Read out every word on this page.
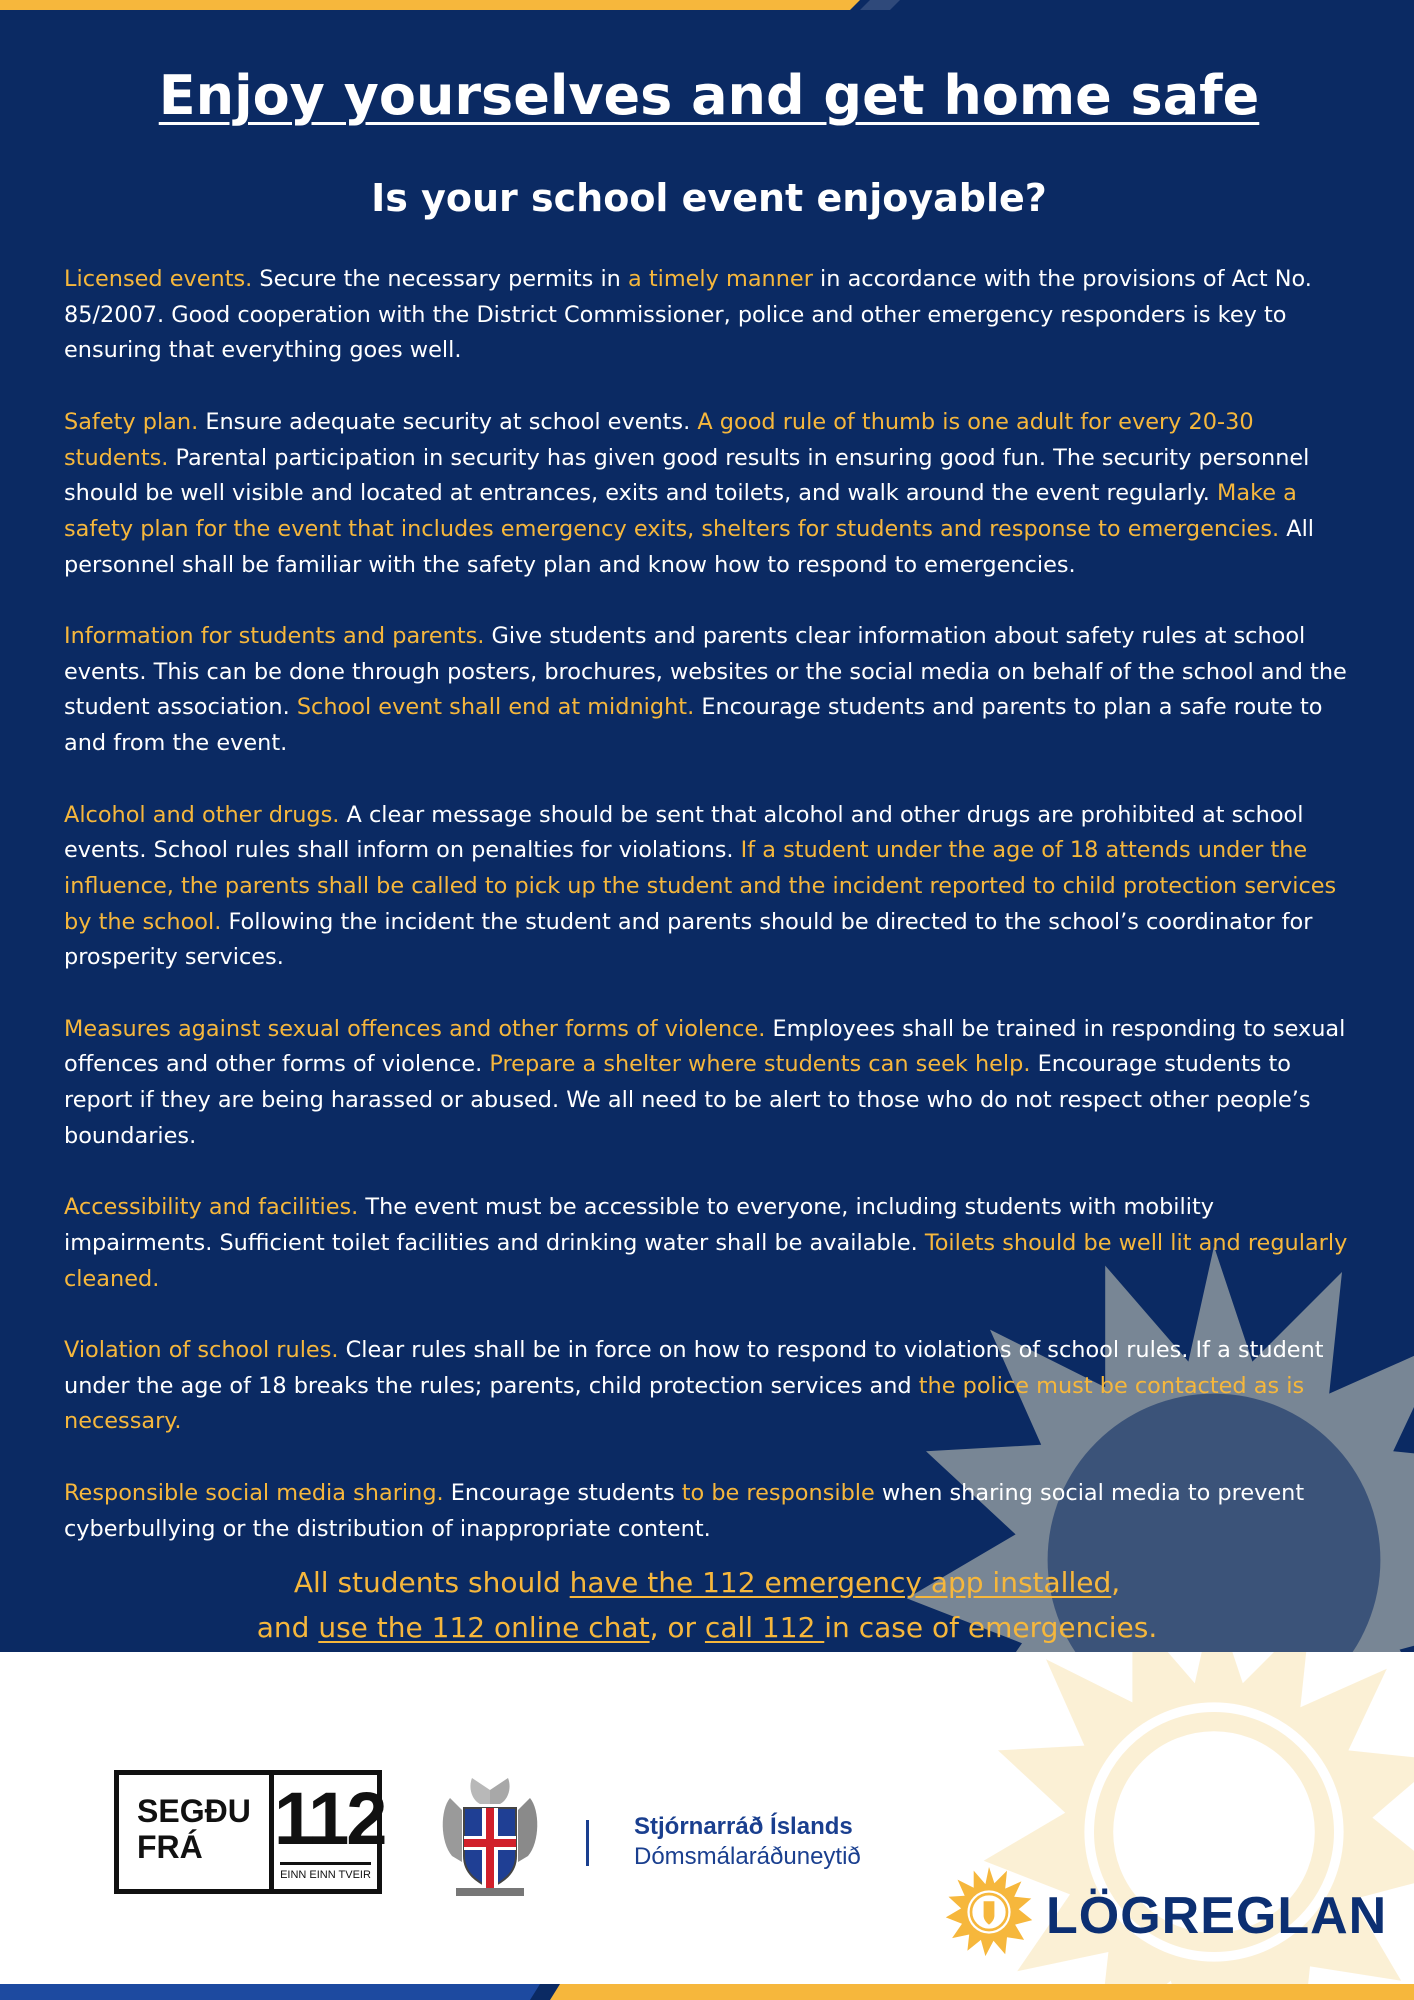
Enjoy yourselves and get home safe
Is your school event enjoyable?

Licensed events. Secure the necessary permits in a timely manner in accordance with the provisions of Act No. 85/2007. Good cooperation with the District Commissioner, police and other emergency responders is key to ensuring that everything goes well.

Safety plan. Ensure adequate security at school events. A good rule of thumb is one adult for every 20-30 students. Parental participation in security has given good results in ensuring good fun. The security personnel should be well visible and located at entrances, exits and toilets, and walk around the event regularly. Make a safety plan for the event that includes emergency exits, shelters for students and response to emergencies. All personnel shall be familiar with the safety plan and know how to respond to emergencies.

Information for students and parents. Give students and parents clear information about safety rules at school events. This can be done through posters, brochures, websites or the social media on behalf of the school and the student association. School event shall end at midnight. Encourage students and parents to plan a safe route to and from the event.

Alcohol and other drugs. A clear message should be sent that alcohol and other drugs are prohibited at school events. School rules shall inform on penalties for violations. If a student under the age of 18 attends under the influence, the parents shall be called to pick up the student and the incident reported to child protection services by the school. Following the incident the student and parents should be directed to the school’s coordinator for prosperity services.

Measures against sexual offences and other forms of violence. Employees shall be trained in responding to sexual offences and other forms of violence. Prepare a shelter where students can seek help. Encourage students to report if they are being harassed or abused. We all need to be alert to those who do not respect other people’s boundaries.

Accessibility and facilities. The event must be accessible to everyone, including students with mobility impairments. Sufficient toilet facilities and drinking water shall be available. Toilets should be well lit and regularly cleaned.

Violation of school rules. Clear rules shall be in force on how to respond to violations of school rules. If a student under the age of 18 breaks the rules; parents, child protection services and the police must be contacted as is necessary.

Responsible social media sharing. Encourage students to be responsible when sharing social media to prevent cyberbullying or the distribution of inappropriate content.

All students should have the 112 emergency app installed,
and use the 112 online chat, or call 112 in case of emergencies.
SEGÐU
FRÁ 112
EINN EINN TVEIR
Stjórnarráð Íslands
Dómsmálaráðuneytið
LÖGREGLAN
